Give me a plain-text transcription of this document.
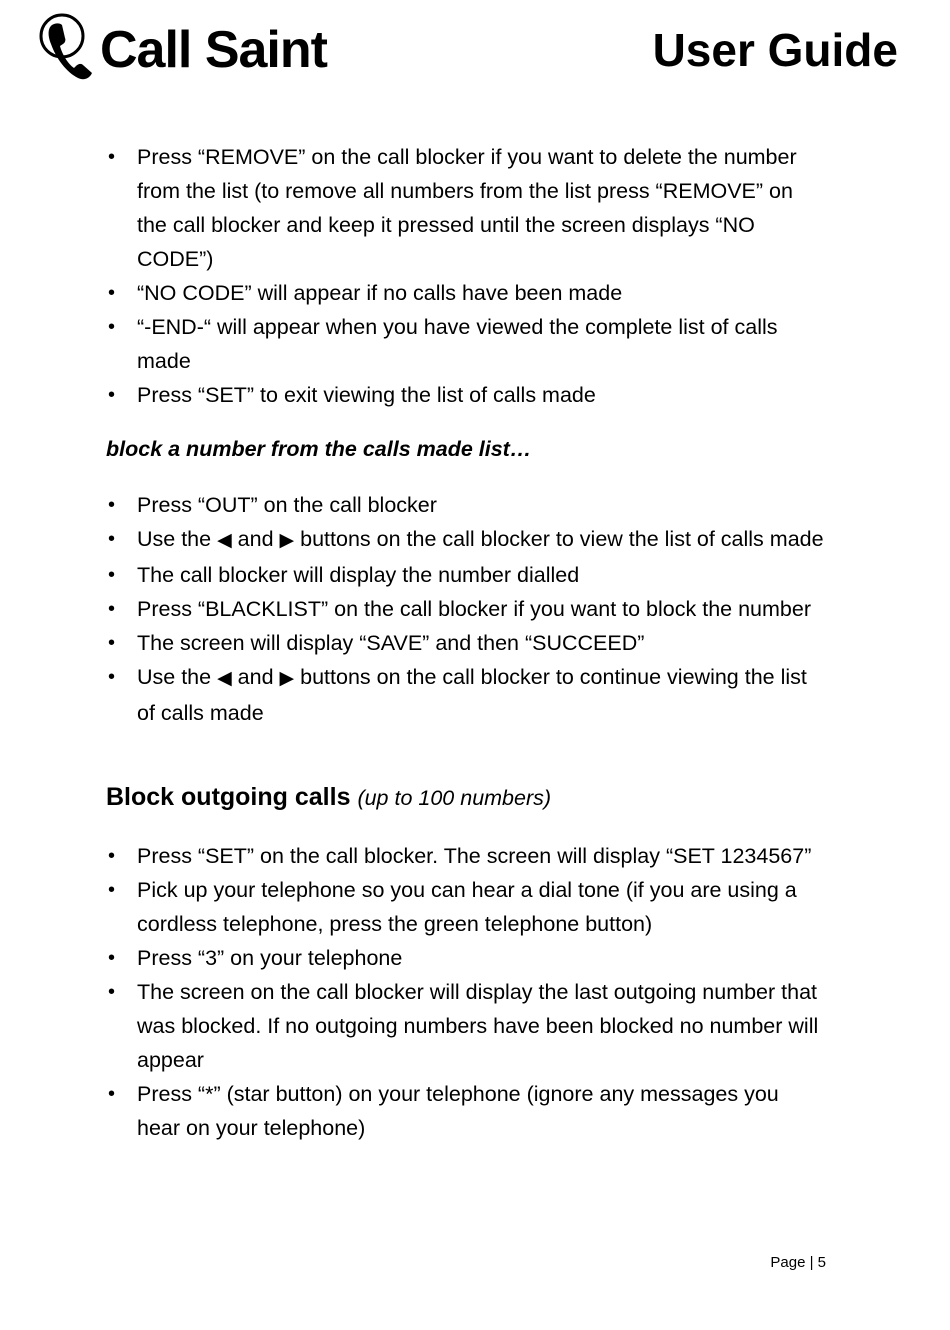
Call Saint	User Guide
• Press “REMOVE” on the call blocker if you want to delete the number from the list (to remove all numbers from the list press “REMOVE” on the call blocker and keep it pressed until the screen displays “NO CODE”)
• “NO CODE” will appear if no calls have been made
• “-END-“ will appear when you have viewed the complete list of calls made
• Press “SET” to exit viewing the list of calls made
block a number from the calls made list…
• Press “OUT” on the call blocker
• Use the ◀ and ▶ buttons on the call blocker to view the list of calls made
• The call blocker will display the number dialled
• Press “BLACKLIST” on the call blocker if you want to block the number
• The screen will display “SAVE” and then “SUCCEED”
• Use the ◀ and ▶ buttons on the call blocker to continue viewing the list of calls made
Block outgoing calls (up to 100 numbers)
• Press “SET” on the call blocker. The screen will display “SET 1234567”
• Pick up your telephone so you can hear a dial tone (if you are using a cordless telephone, press the green telephone button)
• Press “3” on your telephone
• The screen on the call blocker will display the last outgoing number that was blocked. If no outgoing numbers have been blocked no number will appear
• Press “*” (star button) on your telephone (ignore any messages you hear on your telephone)
Page | 5
